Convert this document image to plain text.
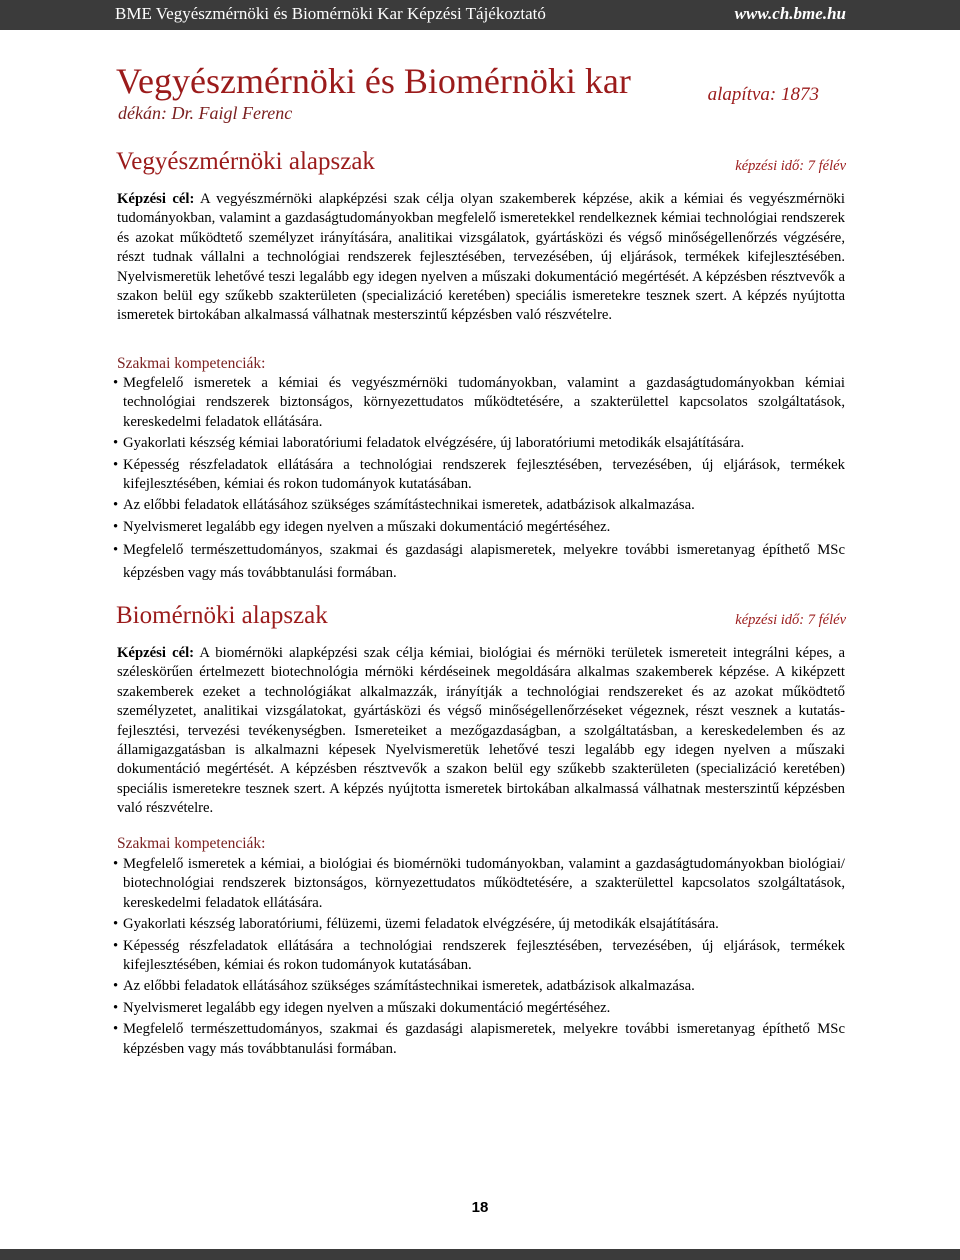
BME Vegyészmérnöki és Biomérnöki Kar Képzési Tájékoztató	www.ch.bme.hu
Vegyészmérnöki és Biomérnöki kar
dékán: Dr. Faigl Ferenc
alapítva: 1873
Vegyészmérnöki alapszak	képzési idő: 7 félév

Képzési cél: A vegyészmérnöki alapképzési szak célja olyan szakemberek képzése, akik a kémiai és vegyészmérnöki tudományokban, valamint a gazdaságtudományokban megfelelő ismeretekkel rendelkeznek kémiai technológiai rendszerek és azokat működtető személyzet irányítására, analitikai vizsgálatok, gyártásközi és végső minőségellenőrzés végzésére, részt tudnak vállalni a technológiai rendszerek fejlesztésében, tervezésében, új eljárások, termékek kifejlesztésében. Nyelvismeretük lehetővé teszi legalább egy idegen nyelven a műszaki dokumentáció megértését. A képzésben résztvevők a szakon belül egy szűkebb szakterületen (specializáció keretében) speciális ismeretekre tesznek szert. A képzés nyújtotta ismeretek birtokában alkalmassá válhatnak mesterszintű képzésben való részvételre.

Szakmai kompetenciák:
• Megfelelő ismeretek a kémiai és vegyészmérnöki tudományokban, valamint a gazdaságtudományokban kémiai technológiai rendszerek biztonságos, környezettudatos működtetésére, a szakterülettel kapcsolatos szolgáltatások, kereskedelmi feladatok ellátására.
• Gyakorlati készség kémiai laboratóriumi feladatok elvégzésére, új laboratóriumi metodikák elsajátítására.
• Képesség részfeladatok ellátására a technológiai rendszerek fejlesztésében, tervezésében, új eljárások, termékek kifejlesztésében, kémiai és rokon tudományok kutatásában.
• Az előbbi feladatok ellátásához szükséges számítástechnikai ismeretek, adatbázisok alkalmazása.
• Nyelvismeret legalább egy idegen nyelven a műszaki dokumentáció megértéséhez.
• Megfelelő természettudományos, szakmai és gazdasági alapismeretek, melyekre további ismeretanyag építhető MSc képzésben vagy más továbbtanulási formában.
Biomérnöki alapszak	képzési idő: 7 félév

Képzési cél: A biomérnöki alapképzési szak célja kémiai, biológiai és mérnöki területek ismereteit integrálni képes, a széleskörűen értelmezett biotechnológia mérnöki kérdéseinek megoldására alkalmas szakemberek képzése. A kiképzett szakemberek ezeket a technológiákat alkalmazzák, irányítják a technológiai rendszereket és az azokat működtető személyzetet, analitikai vizsgálatokat, gyártásközi és végső minőségellenőrzéseket végeznek, részt vesznek a kutatás-fejlesztési, tervezési tevékenységben. Ismereteiket a mezőgazdaságban, a szolgáltatásban, a kereskedelemben és az államigazgatásban is alkalmazni képesek Nyelvismeretük lehetővé teszi legalább egy idegen nyelven a műszaki dokumentáció megértését. A képzésben résztvevők a szakon belül egy szűkebb szakterületen (specializáció keretében) speciális ismeretekre tesznek szert. A képzés nyújtotta ismeretek birtokában alkalmassá válhatnak mesterszintű képzésben való részvételre.

Szakmai kompetenciák:
• Megfelelő ismeretek a kémiai, a biológiai és biomérnöki tudományokban, valamint a gazdaságtudományokban biológiai/ biotechnológiai rendszerek biztonságos, környezettudatos működtetésére, a szakterülettel kapcsolatos szolgáltatások, kereskedelmi feladatok ellátására.
• Gyakorlati készség laboratóriumi, félüzemi, üzemi feladatok elvégzésére, új metodikák elsajátítására.
• Képesség részfeladatok ellátására a technológiai rendszerek fejlesztésében, tervezésében, új eljárások, termékek kifejlesztésében, kémiai és rokon tudományok kutatásában.
• Az előbbi feladatok ellátásához szükséges számítástechnikai ismeretek, adatbázisok alkalmazása.
• Nyelvismeret legalább egy idegen nyelven a műszaki dokumentáció megértéséhez.
• Megfelelő természettudományos, szakmai és gazdasági alapismeretek, melyekre további ismeretanyag építhető MSc képzésben vagy más továbbtanulási formában.
18
